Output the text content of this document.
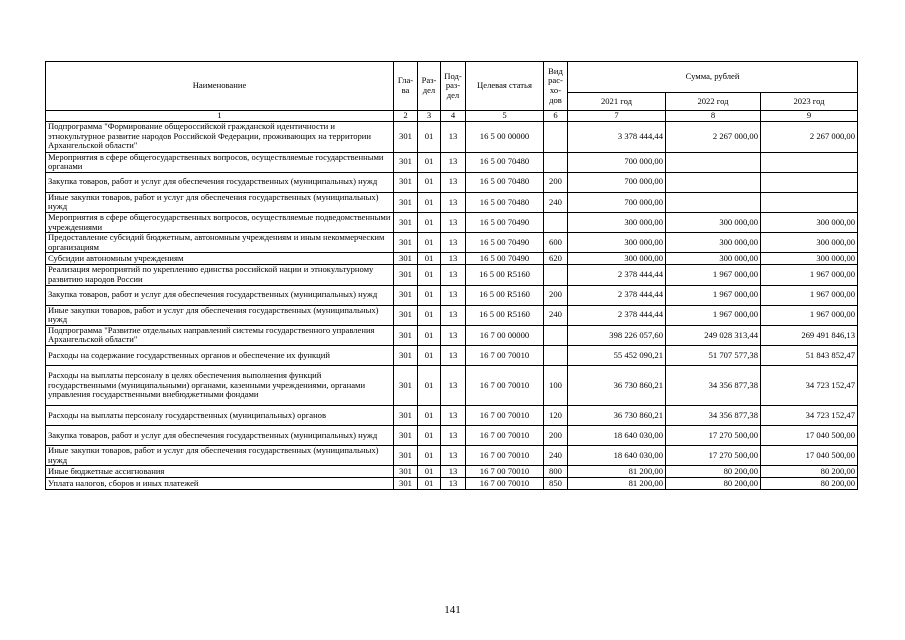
Наименование	Гла-ва	Раз-дел	Под-раз-дел	Целевая статья	Вид рас-хо-дов	Сумма, рублей		
						2021 год	2022 год	2023 год
1	2	3	4	5	6	7	8	9
Подпрограмма "Формирование общероссийской гражданской идентичности и этнокультурное развитие народов Российской Федерации, проживающих на территории Архангельской области"	301	01	13	16 5 00 00000		3 378 444,44	2 267 000,00	2 267 000,00
Мероприятия в сфере общегосударственных вопросов, осуществляемые государственными органами	301	01	13	16 5 00 70480		700 000,00		
Закупка товаров, работ и услуг для обеспечения государственных (муниципальных) нужд	301	01	13	16 5 00 70480	200	700 000,00		
Иные закупки товаров, работ и услуг для обеспечения государственных (муниципальных) нужд	301	01	13	16 5 00 70480	240	700 000,00		
Мероприятия в сфере общегосударственных вопросов, осуществляемые подведомственными учреждениями	301	01	13	16 5 00 70490		300 000,00	300 000,00	300 000,00
Предоставление субсидий бюджетным, автономным учреждениям и иным некоммерческим организациям	301	01	13	16 5 00 70490	600	300 000,00	300 000,00	300 000,00
Субсидии автономным учреждениям	301	01	13	16 5 00 70490	620	300 000,00	300 000,00	300 000,00
Реализация мероприятий по укреплению единства российской нации и этнокультурному развитию народов России	301	01	13	16 5 00 R5160		2 378 444,44	1 967 000,00	1 967 000,00
Закупка товаров, работ и услуг для обеспечения государственных (муниципальных) нужд	301	01	13	16 5 00 R5160	200	2 378 444,44	1 967 000,00	1 967 000,00
Иные закупки товаров, работ и услуг для обеспечения государственных (муниципальных) нужд	301	01	13	16 5 00 R5160	240	2 378 444,44	1 967 000,00	1 967 000,00
Подпрограмма "Развитие отдельных направлений системы государственного управления Архангельской области"	301	01	13	16 7 00 00000		398 226 057,60	249 028 313,44	269 491 846,13
Расходы на содержание государственных органов и обеспечение их функций	301	01	13	16 7 00 70010		55 452 090,21	51 707 577,38	51 843 852,47
Расходы на выплаты персоналу в целях обеспечения выполнения функций государственными (муниципальными) органами, казенными учреждениями, органами управления государственными внебюджетными фондами	301	01	13	16 7 00 70010	100	36 730 860,21	34 356 877,38	34 723 152,47
Расходы на выплаты персоналу государственных (муниципальных) органов	301	01	13	16 7 00 70010	120	36 730 860,21	34 356 877,38	34 723 152,47
Закупка товаров, работ и услуг для обеспечения государственных (муниципальных) нужд	301	01	13	16 7 00 70010	200	18 640 030,00	17 270 500,00	17 040 500,00
Иные закупки товаров, работ и услуг для обеспечения государственных (муниципальных) нужд	301	01	13	16 7 00 70010	240	18 640 030,00	17 270 500,00	17 040 500,00
Иные бюджетные ассигнования	301	01	13	16 7 00 70010	800	81 200,00	80 200,00	80 200,00
Уплата налогов, сборов и иных платежей	301	01	13	16 7 00 70010	850	81 200,00	80 200,00	80 200,00
141
